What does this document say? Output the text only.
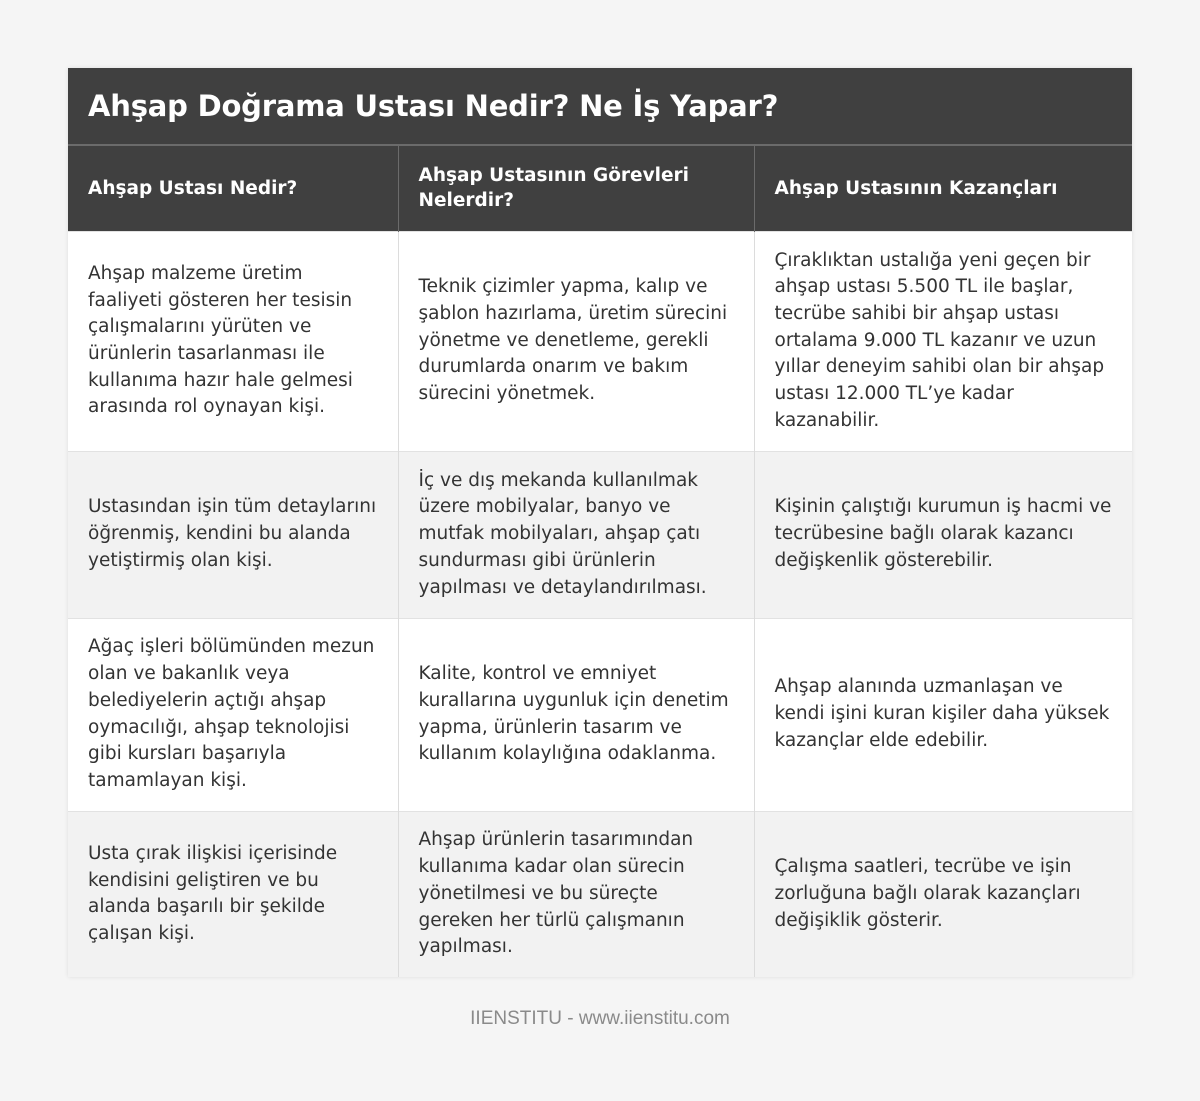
Ahşap Doğrama Ustası Nedir? Ne İş Yapar?
Ahşap Ustası Nedir?	Ahşap Ustasının Görevleri Nelerdir?	Ahşap Ustasının Kazançları
Ahşap malzeme üretim faaliyeti gösteren her tesisin çalışmalarını yürüten ve ürünlerin tasarlanması ile kullanıma hazır hale gelmesi arasında rol oynayan kişi.	Teknik çizimler yapma, kalıp ve şablon hazırlama, üretim sürecini yönetme ve denetleme, gerekli durumlarda onarım ve bakım sürecini yönetmek.	Çıraklıktan ustalığa yeni geçen bir ahşap ustası 5.500 TL ile başlar, tecrübe sahibi bir ahşap ustası ortalama 9.000 TL kazanır ve uzun yıllar deneyim sahibi olan bir ahşap ustası 12.000 TL’ye kadar kazanabilir.
Ustasından işin tüm detaylarını öğrenmiş, kendini bu alanda yetiştirmiş olan kişi.	İç ve dış mekanda kullanılmak üzere mobilyalar, banyo ve mutfak mobilyaları, ahşap çatı sundurması gibi ürünlerin yapılması ve detaylandırılması.	Kişinin çalıştığı kurumun iş hacmi ve tecrübesine bağlı olarak kazancı değişkenlik gösterebilir.
Ağaç işleri bölümünden mezun olan ve bakanlık veya belediyelerin açtığı ahşap oymacılığı, ahşap teknolojisi gibi kursları başarıyla tamamlayan kişi.	Kalite, kontrol ve emniyet kurallarına uygunluk için denetim yapma, ürünlerin tasarım ve kullanım kolaylığına odaklanma.	Ahşap alanında uzmanlaşan ve kendi işini kuran kişiler daha yüksek kazançlar elde edebilir.
Usta çırak ilişkisi içerisinde kendisini geliştiren ve bu alanda başarılı bir şekilde çalışan kişi.	Ahşap ürünlerin tasarımından kullanıma kadar olan sürecin yönetilmesi ve bu süreçte gereken her türlü çalışmanın yapılması.	Çalışma saatleri, tecrübe ve işin zorluğuna bağlı olarak kazançları değişiklik gösterir.
IIENSTITU - www.iienstitu.com
